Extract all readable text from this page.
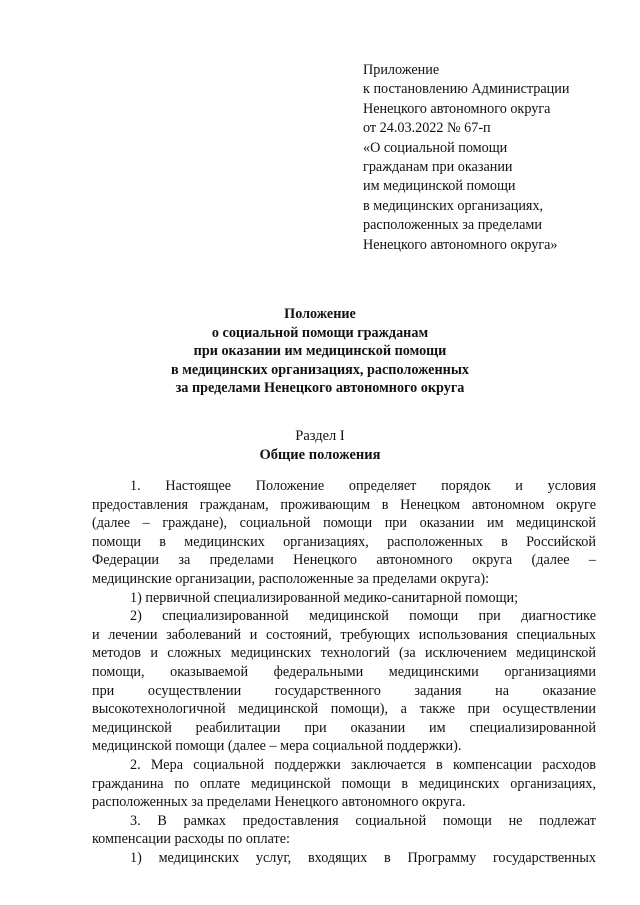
Приложение
к постановлению Администрации
Ненецкого автономного округа
от 24.03.2022 № 67-п
«О социальной помощи
гражданам при оказании
им медицинской помощи
в медицинских организациях,
расположенных за пределами
Ненецкого автономного округа»
Положение
о социальной помощи гражданам
при оказании им медицинской помощи
в медицинских организациях, расположенных
за пределами Ненецкого автономного округа
Раздел I
Общие положения
1. Настоящее Положение определяет порядок и условия
предоставления гражданам, проживающим в Ненецком автономном округе
(далее – граждане), социальной помощи при оказании им медицинской
помощи в медицинских организациях, расположенных в Российской
Федерации за пределами Ненецкого автономного округа (далее –
медицинские организации, расположенные за пределами округа):
1) первичной специализированной медико-санитарной помощи;
2) специализированной медицинской помощи при диагностике
и лечении заболеваний и состояний, требующих использования специальных
методов и сложных медицинских технологий (за исключением медицинской
помощи, оказываемой федеральными медицинскими организациями
при осуществлении государственного задания на оказание
высокотехнологичной медицинской помощи), а также при осуществлении
медицинской реабилитации при оказании им специализированной
медицинской помощи (далее – мера социальной поддержки).
2. Мера социальной поддержки заключается в компенсации расходов
гражданина по оплате медицинской помощи в медицинских организациях,
расположенных за пределами Ненецкого автономного округа.
3. В рамках предоставления социальной помощи не подлежат
компенсации расходы по оплате:
1) медицинских услуг, входящих в Программу государственных
